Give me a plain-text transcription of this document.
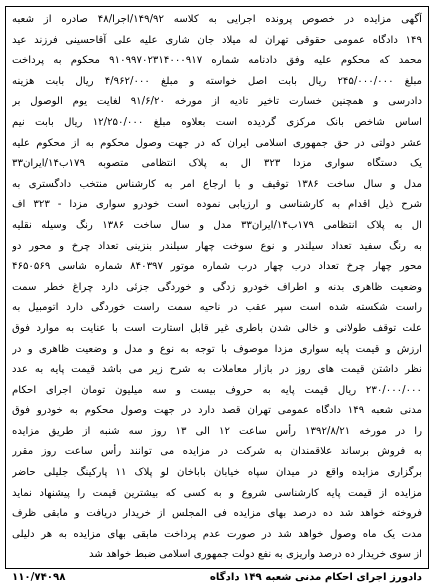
آگهی مزایده در خصوص پرونده اجرایی به کلاسه ۱۴۹/۹۲/اجرا/۴۸ صادره از شعبه
۱۴۹ دادگاه عمومی حقوقی تهران له میلاد جان شاری علیه علی آقاحسینی فرزند عید
محمد که محکوم علیه وفق دادنامه شماره ۹۱۰۹۹۷۰۲۳۱۴۰۰۰۹۱۷ محکوم به پرداخت
مبلغ ۲۴۵/۰۰۰/۰۰۰ ریال بابت اصل خواسته و مبلغ ۴/۹۶۲/۰۰۰ ریال بابت هزینه
دادرسی و همچنین خسارت تاخیر تادیه از مورخه ۹۱/۶/۲۰ لغایت یوم الوصول بر
اساس شاخص بانک مرکزی گردیده است بعلاوه مبلغ ۱۲/۲۵۰/۰۰۰ ریال بابت نیم
عشر دولتی در حق جمهوری اسلامی ایران که در جهت وصول محکوم به از محکوم علیه
یک دستگاه سواری مزدا ۳۲۳ ال به پلاک انتظامی متصوبه ۱۷۹ب۱۴/ایران۳۳
مدل و سال ساخت ۱۳۸۶ توقیف و با ارجاع امر به کارشناس منتخب دادگستری به
شرح ذیل اقدام به کارشناسی و ارزیابی نموده است خودرو سواری مزدا - ۳۲۳ اف
ال به پلاک انتظامی ۱۷۹ب۱۴/ایران۳۳ مدل و سال ساخت ۱۳۸۶ رنگ وسیله نقلیه
به رنگ سفید تعداد سیلندر و نوع سوخت چهار سیلندر بنزینی تعداد چرخ و محور دو
محور چهار چرخ تعداد درب چهار درب شماره موتور ۸۴۰۳۹۷ شماره شاسی ۴۶۵۰۵۶۹
وضعیت ظاهری بدنه و اطراف خودرو زدگی و خوردگی جزئی دارد چراغ خطر سمت
راست شکسته شده است سپر عقب در ناحیه سمت راست خوردگی دارد اتومبیل به
علت توقف طولانی و خالی شدن باطری غیر قابل استارت است با عنایت به موارد فوق
ارزش و قیمت پایه سواری مزدا موصوف با توجه به نوع و مدل و وضعیت ظاهری و در
نظر داشتن قیمت های روز در بازار معاملات به شرح زیر می باشد قیمت پایه به عدد
۲۳۰/۰۰۰/۰۰۰ ریال قیمت پایه به حروف بیست و سه میلیون تومان اجرای احکام
مدنی شعبه ۱۴۹ دادگاه عمومی تهران قصد دارد در جهت وصول محکوم به خودرو فوق
را در مورخه ۱۳۹۲/۸/۲۱ رأس ساعت ۱۲ الی ۱۳ روز سه شنبه از طریق مزایده
به فروش برساند علاقمندان به شرکت در مزایده می توانند رأس ساعت روز مقرر
برگزاری مزایده واقع در میدان سپاه خیابان باباخان لو پلاک ۱۱ پارکینگ جلیلی حاضر
مزایده از قیمت پایه کارشناسی شروع و به کسی که بیشترین قیمت را پیشنهاد نماید
فروخته خواهد شد ده درصد بهای مزایده فی المجلس از خریدار دریافت و مابقی ظرف
مدت یک ماه وصول خواهد شد در صورت عدم پرداخت مابقی بهای مزایده به هر دلیلی
از سوی خریدار ده درصد واریزی به نفع دولت جمهوری اسلامی ضبط خواهد شد
دادورز اجرای احکام مدنی شعبه ۱۴۹ دادگاه
۱۱۰/۷۴۰۹۸
